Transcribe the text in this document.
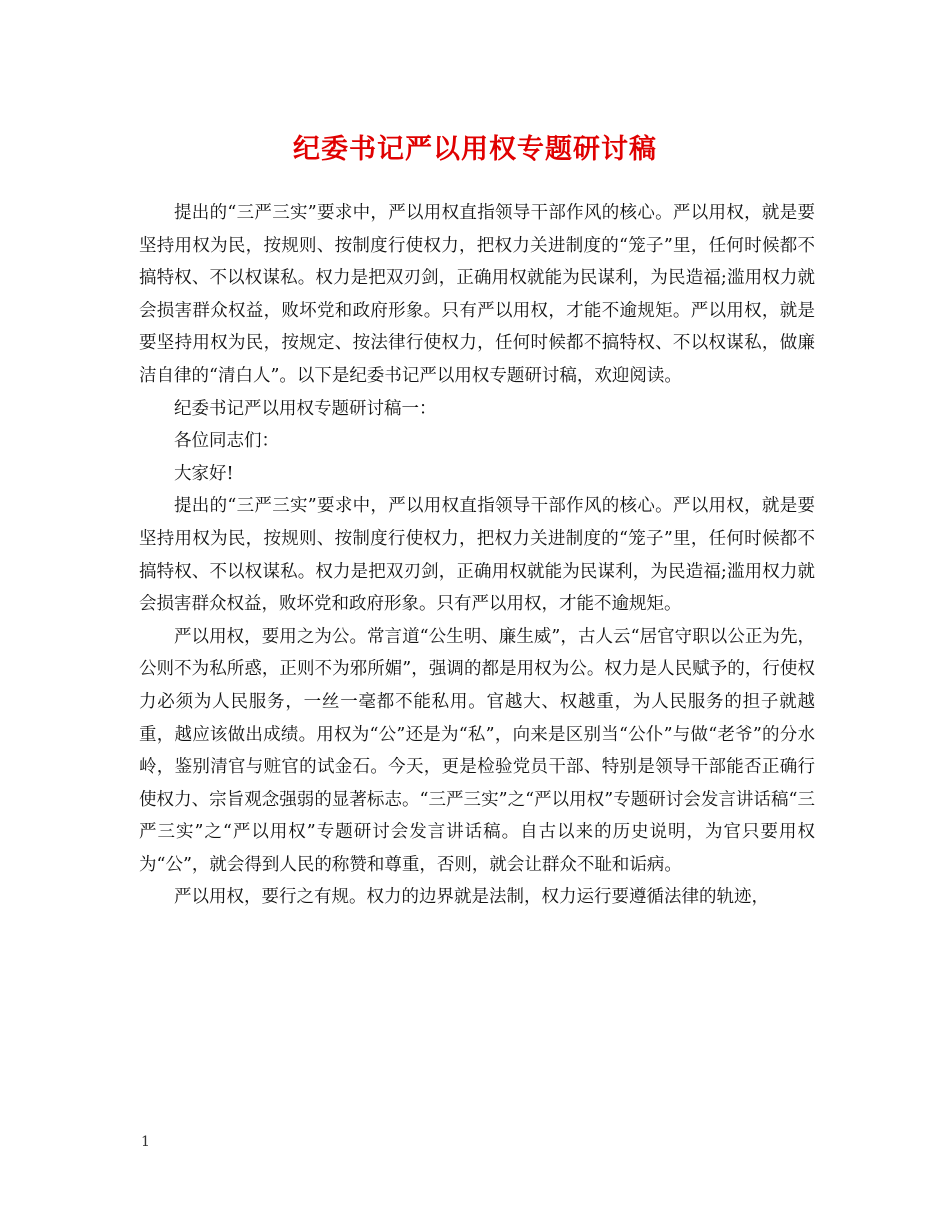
纪委书记严以用权专题研讨稿

提出的“三严三实”要求中，严以用权直指领导干部作风的核心。严以用权，就是要坚持用权为民，按规则、按制度行使权力，把权力关进制度的“笼子”里，任何时候都不搞特权、不以权谋私。权力是把双刃剑，正确用权就能为民谋利，为民造福;滥用权力就会损害群众权益，败坏党和政府形象。只有严以用权，才能不逾规矩。严以用权，就是要坚持用权为民，按规定、按法律行使权力，任何时候都不搞特权、不以权谋私，做廉洁自律的“清白人”。以下是纪委书记严以用权专题研讨稿，欢迎阅读。

纪委书记严以用权专题研讨稿一：

各位同志们：

大家好!

提出的“三严三实”要求中，严以用权直指领导干部作风的核心。严以用权，就是要坚持用权为民，按规则、按制度行使权力，把权力关进制度的“笼子”里，任何时候都不搞特权、不以权谋私。权力是把双刃剑，正确用权就能为民谋利，为民造福;滥用权力就会损害群众权益，败坏党和政府形象。只有严以用权，才能不逾规矩。

严以用权，要用之为公。常言道“公生明、廉生威”，古人云“居官守职以公正为先，公则不为私所惑，正则不为邪所媚”，强调的都是用权为公。权力是人民赋予的，行使权力必须为人民服务，一丝一毫都不能私用。官越大、权越重，为人民服务的担子就越重，越应该做出成绩。用权为“公”还是为“私”，向来是区别当“公仆”与做“老爷”的分水岭，鉴别清官与赃官的试金石。今天，更是检验党员干部、特别是领导干部能否正确行使权力、宗旨观念强弱的显著标志。“三严三实”之“严以用权”专题研讨会发言讲话稿“三严三实”之“严以用权”专题研讨会发言讲话稿。自古以来的历史说明，为官只要用权为“公”，就会得到人民的称赞和尊重，否则，就会让群众不耻和诟病。

严以用权，要行之有规。权力的边界就是法制，权力运行要遵循法律的轨迹，

1
